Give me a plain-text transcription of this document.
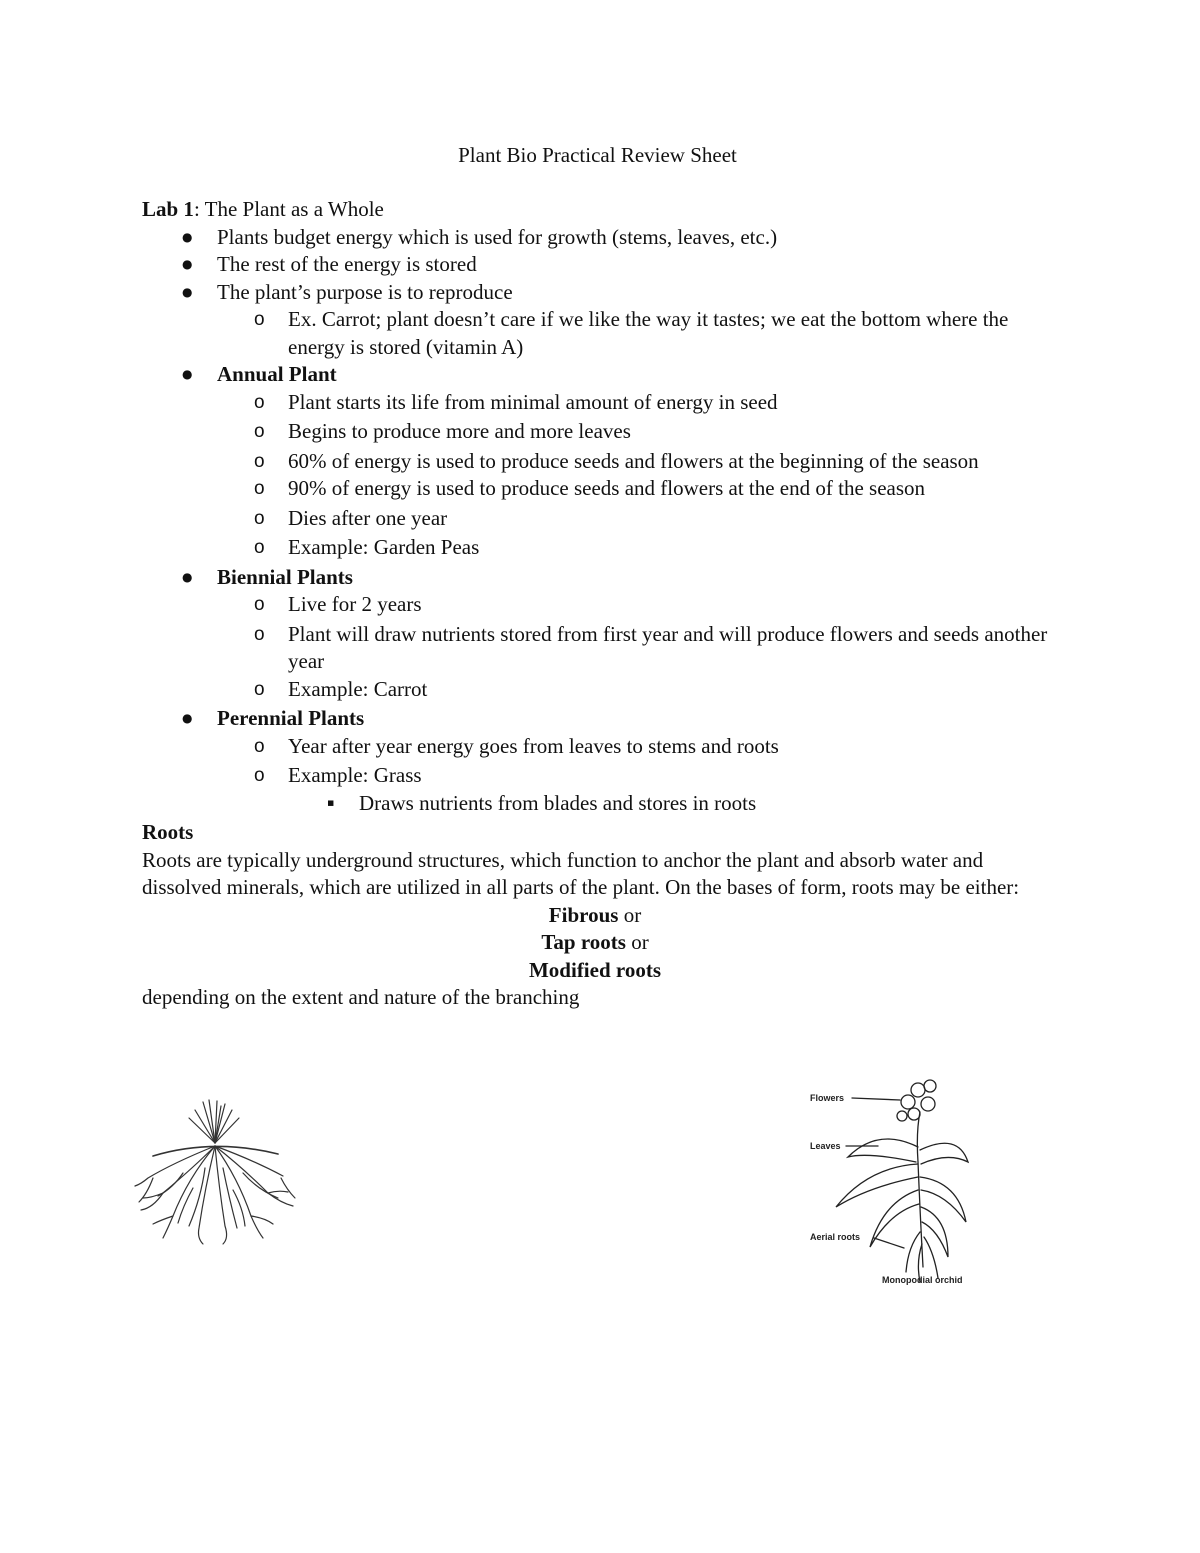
Plant Bio Practical Review Sheet

Lab 1: The Plant as a Whole

●
Plants budget energy which is used for growth (stems, leaves, etc.)
●
The rest of the energy is stored
●
The plant’s purpose is to reproduce
o Ex. Carrot; plant doesn’t care if we like the way it tastes; we eat the bottom where the energy is stored (vitamin A)
●
Annual Plant
o Plant starts its life from minimal amount of energy in seed
o Begins to produce more and more leaves
o 60% of energy is used to produce seeds and flowers at the beginning of the season
o 90% of energy is used to produce seeds and flowers at the end of the season
o Dies after one year
o Example: Garden Peas
●
Biennial Plants
o Live for 2 years
o Plant will draw nutrients stored from first year and will produce flowers and seeds another year
o Example: Carrot
●
Perennial Plants
o Year after year energy goes from leaves to stems and roots
o Example: Grass
▪ Draws nutrients from blades and stores in roots

Roots

Roots are typically underground structures, which function to anchor the plant and absorb water and dissolved minerals, which are utilized in all parts of the plant. On the bases of form, roots may be either:

Fibrous or

Tap roots or

Modified roots

depending on the extent and nature of the branching

Flowers
Leaves
Aerial roots
Monopodial orchid
